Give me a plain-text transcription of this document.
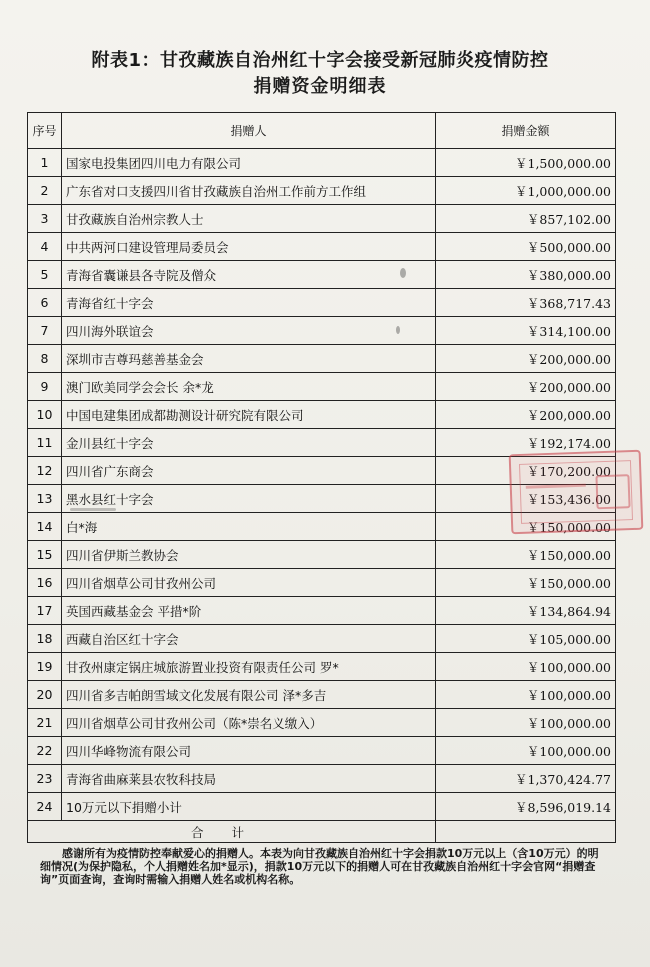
附表1：甘孜藏族自治州红十字会接受新冠肺炎疫情防控
捐赠资金明细表
序号	捐赠人	捐赠金额
1	国家电投集团四川电力有限公司	￥1,500,000.00
2	广东省对口支援四川省甘孜藏族自治州工作前方工作组	￥1,000,000.00
3	甘孜藏族自治州宗教人士	￥857,102.00
4	中共两河口建设管理局委员会	￥500,000.00
5	青海省囊谦县各寺院及僧众	￥380,000.00
6	青海省红十字会	￥368,717.43
7	四川海外联谊会	￥314,100.00
8	深圳市吉尊玛慈善基金会	￥200,000.00
9	澳门欧美同学会会长 余*龙	￥200,000.00
10	中国电建集团成都勘测设计研究院有限公司	￥200,000.00
11	金川县红十字会	￥192,174.00
12	四川省广东商会	￥170,200.00
13	黑水县红十字会	￥153,436.00
14	白*海	￥150,000.00
15	四川省伊斯兰教协会	￥150,000.00
16	四川省烟草公司甘孜州公司	￥150,000.00
17	英国西藏基金会 平措*阶	￥134,864.94
18	西藏自治区红十字会	￥105,000.00
19	甘孜州康定锅庄城旅游置业投资有限责任公司 罗*	￥100,000.00
20	四川省多吉帕朗雪域文化发展有限公司 泽*多吉	￥100,000.00
21	四川省烟草公司甘孜州公司（陈*崇名义缴入）	￥100,000.00
22	四川华峰物流有限公司	￥100,000.00
23	青海省曲麻莱县农牧科技局	￥1,370,424.77
24	10万元以下捐赠小计	￥8,596,019.14
合计		

感谢所有为疫情防控奉献爱心的捐赠人。本表为向甘孜藏族自治州红十字会捐款10万元以上（含10万元）的明细情况(为保护隐私，个人捐赠姓名加*显示)，捐款10万元以下的捐赠人可在甘孜藏族自治州红十字会官网“捐赠查询”页面查询，查询时需输入捐赠人姓名或机构名称。
